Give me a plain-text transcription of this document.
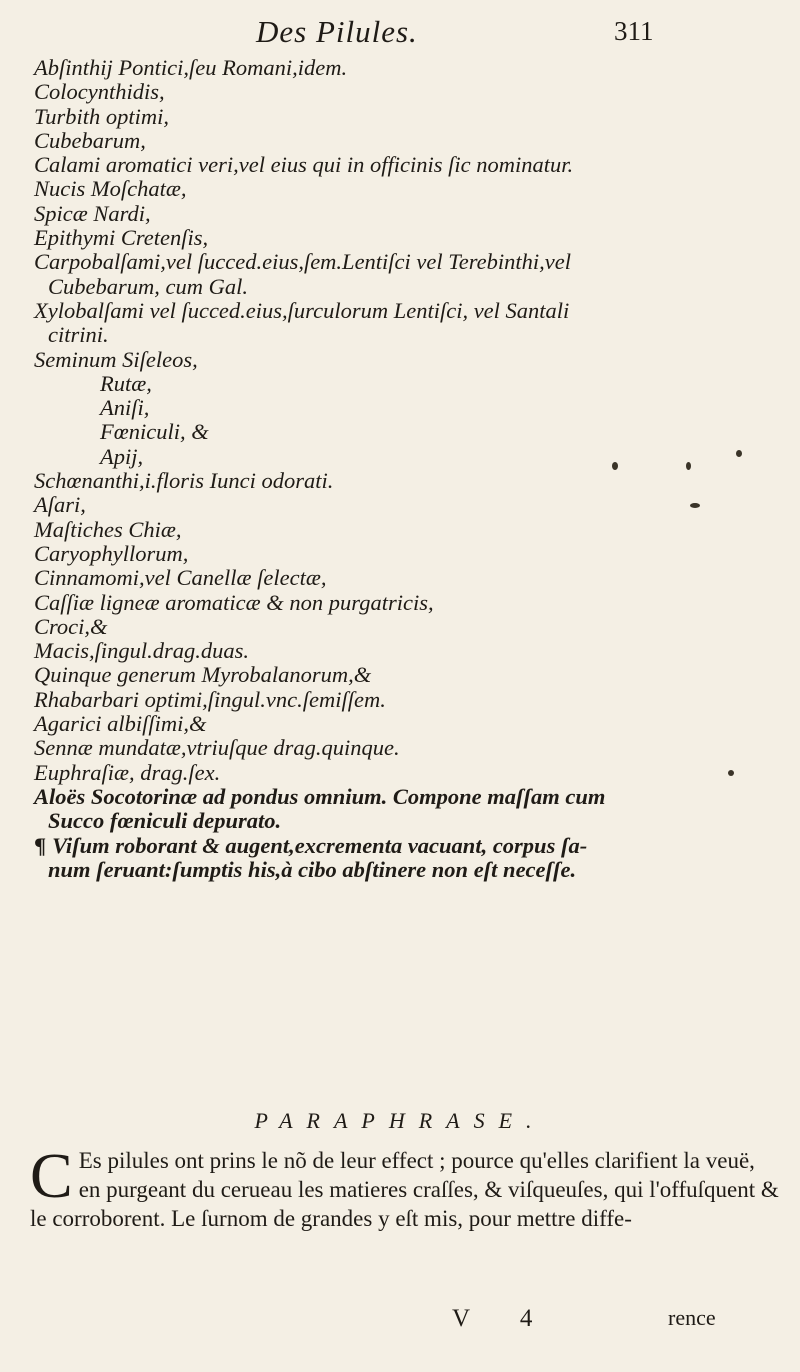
Des Pilules.	311
Abſinthij Pontici,ſeu Romani,idem.
Colocynthidis,
Turbith optimi,
Cubebarum,
Calami aromatici veri,vel eius qui in officinis ſic nominatur.
Nucis Moſchatæ,
Spicæ Nardi,
Epithymi Cretenſis,
Carpobalſami,vel ſucced.eius,ſem.Lentiſci vel Terebinthi,vel
Cubebarum, cum Gal.
Xylobalſami vel ſucced.eius,ſurculorum Lentiſci, vel Santali
citrini.
Seminum Siſeleos,
Rutæ,
Aniſi,
Fœniculi, &
Apij,
Schœnanthi,i.floris Iunci odorati.
Aſari,
Maſtiches Chiæ,
Caryophyllorum,
Cinnamomi,vel Canellæ ſelectæ,
Caſſiæ ligneæ aromaticæ & non purgatricis,
Croci,&
Macis,ſingul.drag.duas.
Quinque generum Myrobalanorum,&
Rhabarbari optimi,ſingul.vnc.ſemiſſem.
Agarici albiſſimi,&
Sennæ mundatæ,vtriuſque drag.quinque.
Euphraſiæ, drag.ſex.
Aloës Socotorinæ ad pondus omnium. Compone maſſam cum
Succo fœniculi depurato.
¶ Viſum roborant & augent,excrementa vacuant, corpus ſa-
num ſeruant:ſumptis his,à cibo abſtinere non eſt neceſſe.
PARAPHRASE.
C Es pilules ont prins le nõ de leur effect ; pource qu'elles clarifient la veuë, en purgeant du cerueau les matieres craſſes, & viſqueuſes, qui l'offuſquent & le corroborent. Le ſurnom de grandes y eſt mis, pour mettre diffe-
V 4	rence
